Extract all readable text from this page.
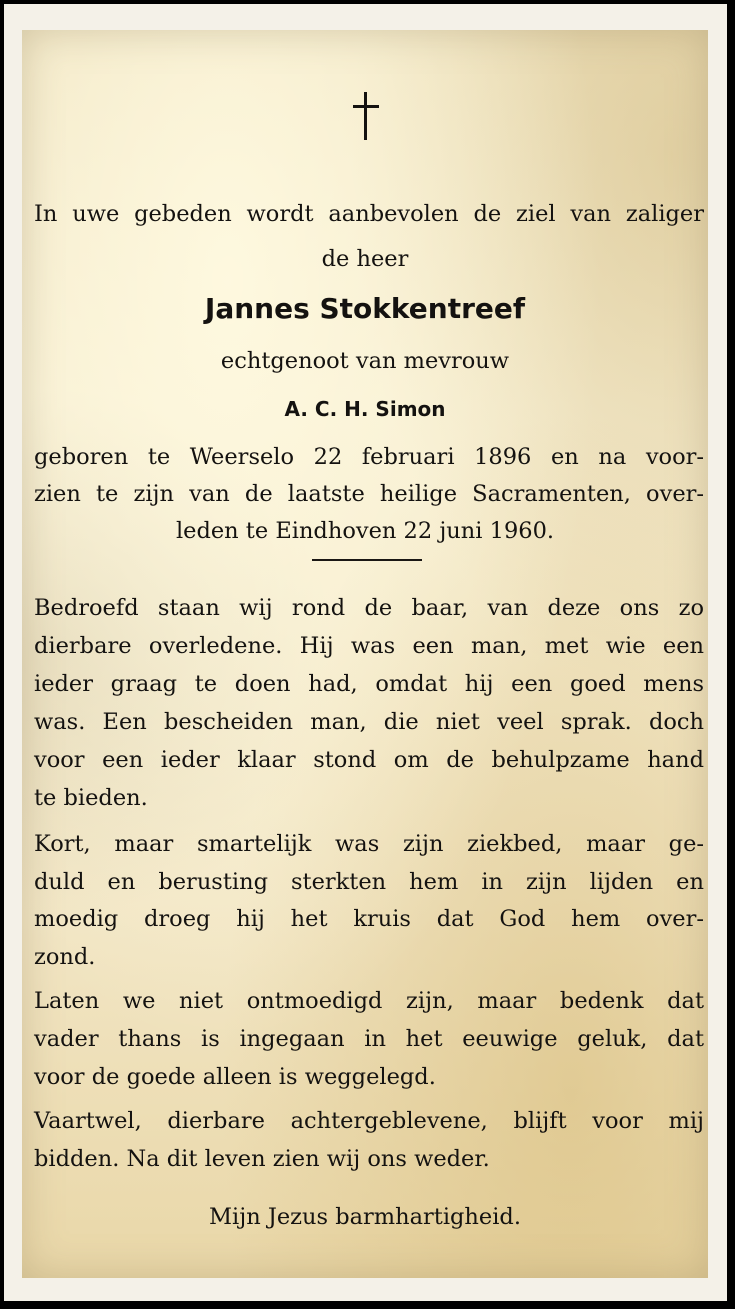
In uwe gebeden wordt aanbevolen de ziel van zaliger
de heer
Jannes Stokkentreef
echtgenoot van mevrouw
A. C. H. Simon
geboren te Weerselo 22 februari 1896 en na voor-
zien te zijn van de laatste heilige Sacramenten, over-
leden te Eindhoven 22 juni 1960.
Bedroefd staan wij rond de baar, van deze ons zo
dierbare overledene. Hij was een man, met wie een
ieder graag te doen had, omdat hij een goed mens
was. Een bescheiden man, die niet veel sprak. doch
voor een ieder klaar stond om de behulpzame hand
te bieden.
Kort, maar smartelijk was zijn ziekbed, maar ge-
duld en berusting sterkten hem in zijn lijden en
moedig droeg hij het kruis dat God hem over-
zond.
Laten we niet ontmoedigd zijn, maar bedenk dat
vader thans is ingegaan in het eeuwige geluk, dat
voor de goede alleen is weggelegd.
Vaartwel, dierbare achtergeblevene, blijft voor mij
bidden. Na dit leven zien wij ons weder.
Mijn Jezus barmhartigheid.
